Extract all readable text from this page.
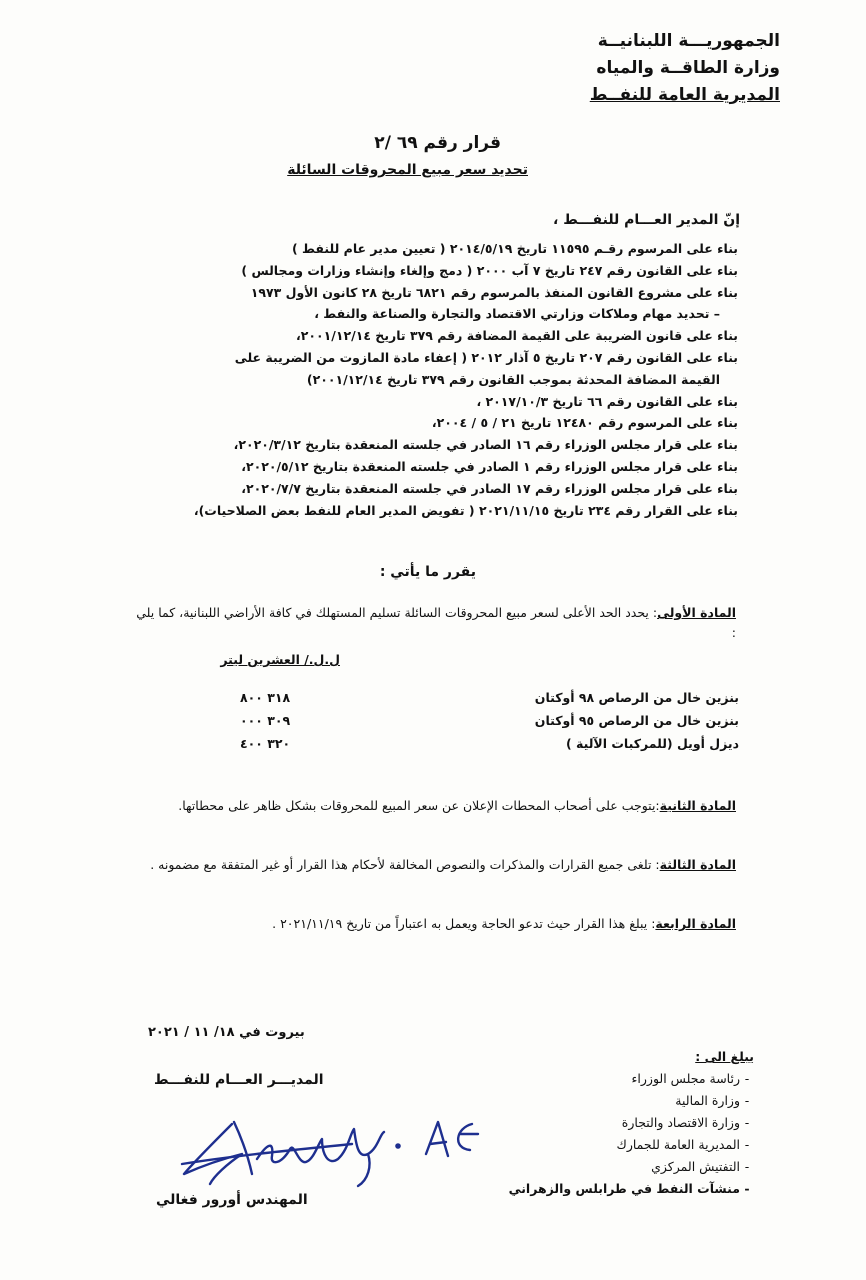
الجمهوريـــة اللبنانيــة
وزارة الطاقــة والمياه
المديرية العامة للنفــط
قرار رقم ٦٩ /٢
تحديد سعر مبيع المحروقات السائلة
إنّ المدير العـــام للنفـــط ،
بناء على المرسوم رقـم ١١٥٩٥ تاريخ ٢٠١٤/٥/١٩ ( تعيين مدير عام للنفط )
بناء على القانون رقم ٢٤٧ تاريخ ٧ آب ٢٠٠٠ ( دمج وإلغاء وإنشاء وزارات ومجالس )
بناء على مشروع القانون المنفذ بالمرسوم رقم ٦٨٢١ تاريخ ٢٨ كانون الأول ١٩٧٣
– تحديد مهام وملاكات وزارتي الاقتصاد والتجارة والصناعة والنفط ،
بناء على قانون الضريبة على القيمة المضافة رقم ٣٧٩ تاريخ ٢٠٠١/١٢/١٤،
بناء على القانون رقم ٢٠٧ تاريخ ٥ آذار ٢٠١٢ ( إعفاء مادة المازوت من الضريبة على
القيمة المضافة المحدثة بموجب القانون رقم ٣٧٩ تاريخ ٢٠٠١/١٢/١٤)
بناء على القانون رقم ٦٦ تاريخ ٢٠١٧/١٠/٣ ،
بناء على المرسوم رقم ١٢٤٨٠ تاريخ ٢١ / ٥ / ٢٠٠٤،
بناء على قرار مجلس الوزراء رقم ١٦ الصادر في جلسته المنعقدة بتاريخ ٢٠٢٠/٣/١٢،
بناء على قرار مجلس الوزراء رقم ١ الصادر في جلسته المنعقدة بتاريخ ٢٠٢٠/٥/١٢،
بناء على قرار مجلس الوزراء رقم ١٧ الصادر في جلسته المنعقدة بتاريخ ٢٠٢٠/٧/٧،
بناء على القرار رقم ٢٣٤ تاريخ ٢٠٢١/١١/١٥ ( تفويض المدير العام للنفط بعض الصلاحيات)،
يقرر ما يأتي :
المادة الأولى: يحدد الحد الأعلى لسعر مبيع المحروقات السائلة تسليم المستهلك في كافة الأراضي اللبنانية، كما يلي :
ل.ل./ العشرين ليتر
بنزين خال من الرصاص ٩٨ أوكتان
٣١٨ ٨٠٠
بنزين خال من الرصاص ٩٥ أوكتان
٣٠٩ ٠٠٠
ديزل أويل (للمركبات الآلية )
٣٢٠ ٤٠٠
المادة الثانية:يتوجب على أصحاب المحطات الإعلان عن سعر المبيع للمحروقات بشكل ظاهر على محطاتها.
المادة الثالثة: تلغى جميع القرارات والمذكرات والنصوص المخالفة لأحكام هذا القرار أو غير المتفقة مع مضمونه .
المادة الرابعة: يبلغ هذا القرار حيث تدعو الحاجة ويعمل به اعتباراً من تاريخ ٢٠٢١/١١/١٩ .
بيروت في ١٨/ ١١ / ٢٠٢١
يبلغ الى :
-رئاسة مجلس الوزراء
-وزارة المالية
-وزارة الاقتصاد والتجارة
-المديرية العامة للجمارك
-التفتيش المركزي
-منشآت النفط في طرابلس والزهراني
المديـــر العـــام للنفـــط
المهندس أورور فغالي
